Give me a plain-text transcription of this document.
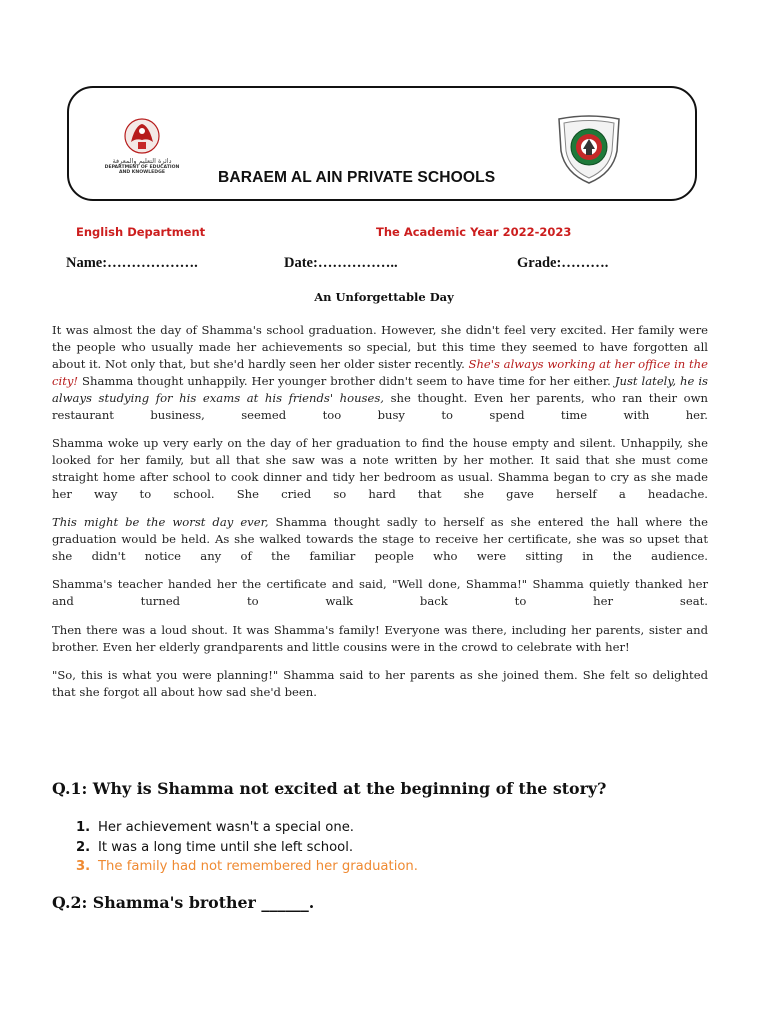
دائرة التعليم والمعرفة
DEPARTMENT OF EDUCATION
AND KNOWLEDGE	BARAEM AL AIN PRIVATE SCHOOLS
English Department	The Academic Year 2022-2023
Name:……………….	Date:……………..	Grade:……….
An Unforgettable Day

It was almost the day of Shamma's school graduation. However, she didn't feel very excited. Her family were the people who usually made her achievements so special, but this time they seemed to have forgotten all about it. Not only that, but she'd hardly seen her older sister recently. She's always working at her office in the city! Shamma thought unhappily. Her younger brother didn't seem to have time for her either. Just lately, he is always studying for his exams at his friends' houses, she thought. Even her parents, who ran their own restaurant business, seemed too busy to spend time with her.

Shamma woke up very early on the day of her graduation to find the house empty and silent. Unhappily, she looked for her family, but all that she saw was a note written by her mother. It said that she must come straight home after school to cook dinner and tidy her bedroom as usual. Shamma began to cry as she made her way to school. She cried so hard that she gave herself a headache.

This might be the worst day ever, Shamma thought sadly to herself as she entered the hall where the graduation would be held. As she walked towards the stage to receive her certificate, she was so upset that she didn't notice any of the familiar people who were sitting in the audience.

Shamma's teacher handed her the certificate and said, "Well done, Shamma!" Shamma quietly thanked her and turned to walk back to her seat.

Then there was a loud shout. It was Shamma's family! Everyone was there, including her parents, sister and brother. Even her elderly grandparents and little cousins were in the crowd to celebrate with her!

"So, this is what you were planning!" Shamma said to her parents as she joined them. She felt so delighted that she forgot all about how sad she'd been.

Q.1: Why is Shamma not excited at the beginning of the story?
1. Her achievement wasn't a special one.
2. It was a long time until she left school.
3. The family had not remembered her graduation.
Q.2: Shamma's brother ______.
